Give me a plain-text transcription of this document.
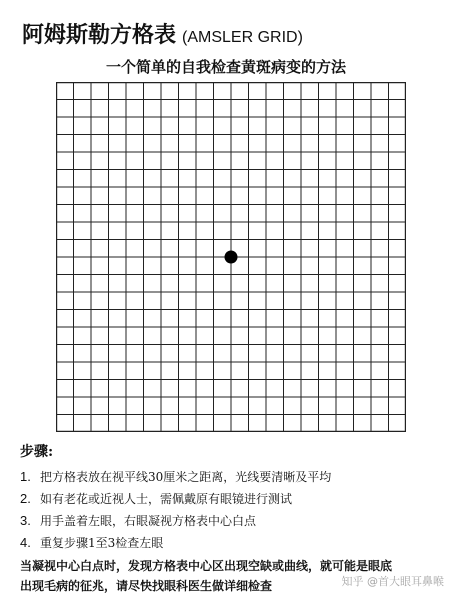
阿姆斯勒方格表 (AMSLER GRID)
一个简单的自我检查黄斑病变的方法
步骤:
1. 把方格表放在视平线30厘米之距离，光线要清晰及平均
2. 如有老花或近视人士，需佩戴原有眼镜进行测试
3. 用手盖着左眼，右眼凝视方格表中心白点
4. 重复步骤1至3检查左眼
当凝视中心白点时，发现方格表中心区出现空缺或曲线，就可能是眼底
出现毛病的征兆，请尽快找眼科医生做详细检查	知乎 @首大眼耳鼻喉
